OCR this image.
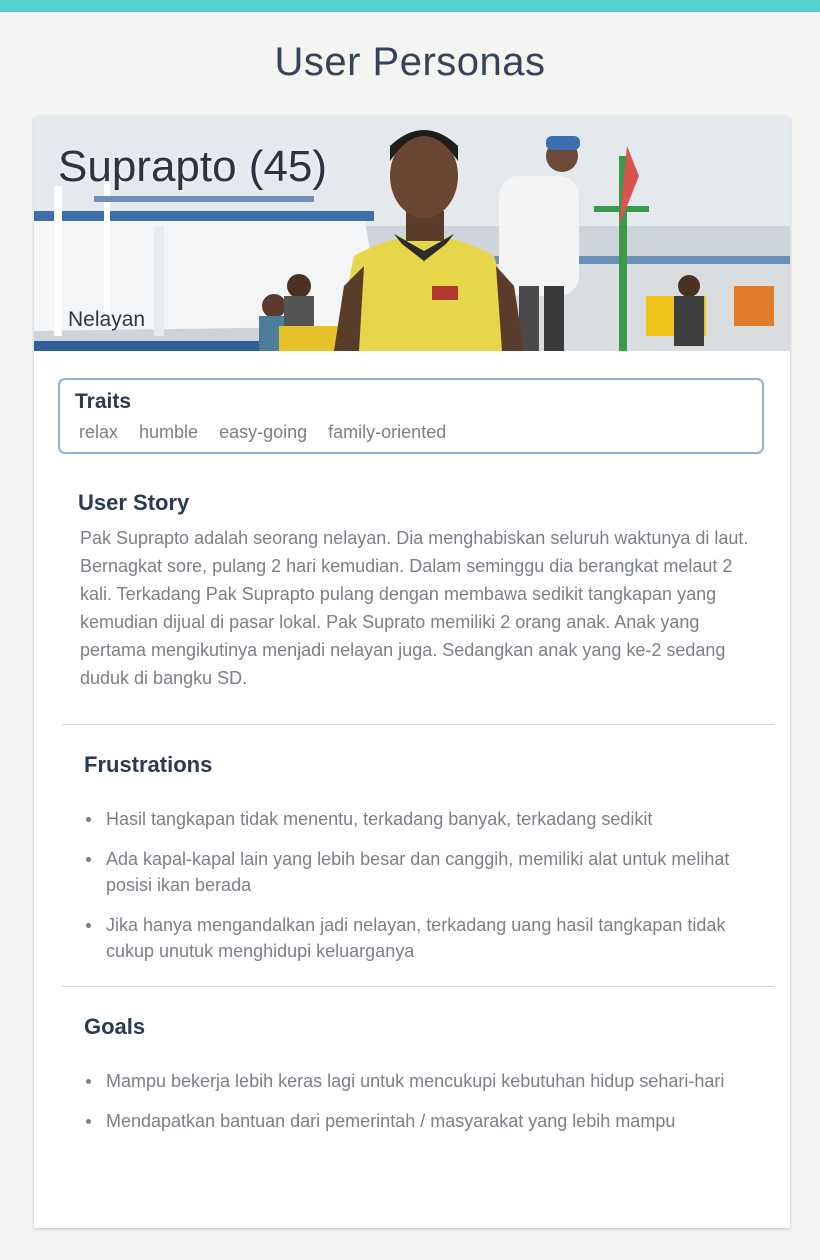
User Personas
Suprapto (45)
Nelayan
Traits
relax humble easy-going family-oriented
User Story

Pak Suprapto adalah seorang nelayan. Dia menghabiskan seluruh waktunya di laut. Bernagkat sore, pulang 2 hari kemudian. Dalam seminggu dia berangkat melaut 2 kali. Terkadang Pak Suprapto pulang dengan membawa sedikit tangkapan yang kemudian dijual di pasar lokal. Pak Suprato memiliki 2 orang anak. Anak yang pertama mengikutinya menjadi nelayan juga. Sedangkan anak yang ke-2 sedang duduk di bangku SD.

Frustrations
Hasil tangkapan tidak menentu, terkadang banyak, terkadang sedikit
Ada kapal-kapal lain yang lebih besar dan canggih, memiliki alat untuk melihat posisi ikan berada
Jika hanya mengandalkan jadi nelayan, terkadang uang hasil tangkapan tidak cukup unutuk menghidupi keluarganya
Goals
Mampu bekerja lebih keras lagi untuk mencukupi kebutuhan hidup sehari-hari
Mendapatkan bantuan dari pemerintah / masyarakat yang lebih mampu
